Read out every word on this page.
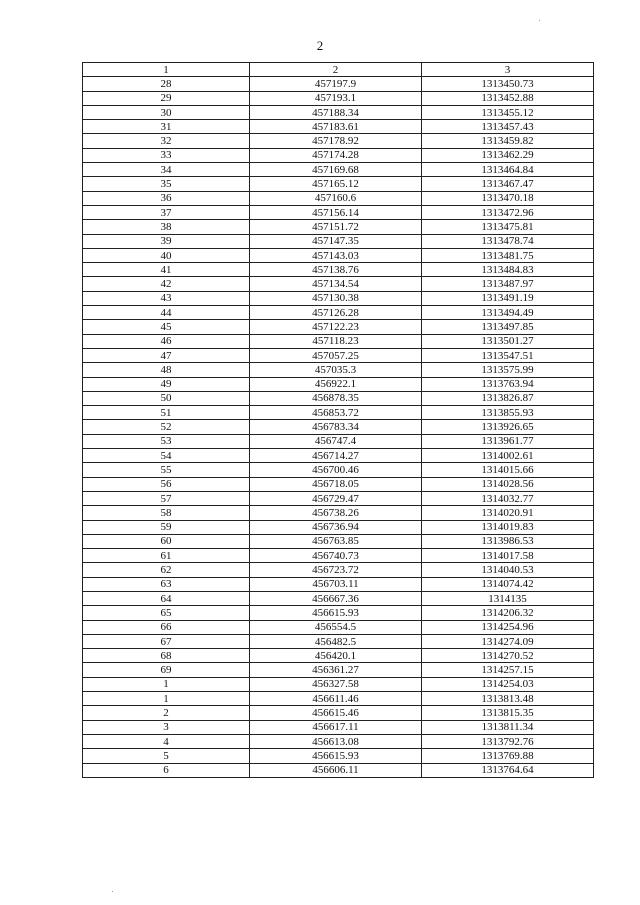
2
1	2	3
28	457197.9	1313450.73
29	457193.1	1313452.88
30	457188.34	1313455.12
31	457183.61	1313457.43
32	457178.92	1313459.82
33	457174.28	1313462.29
34	457169.68	1313464.84
35	457165.12	1313467.47
36	457160.6	1313470.18
37	457156.14	1313472.96
38	457151.72	1313475.81
39	457147.35	1313478.74
40	457143.03	1313481.75
41	457138.76	1313484.83
42	457134.54	1313487.97
43	457130.38	1313491.19
44	457126.28	1313494.49
45	457122.23	1313497.85
46	457118.23	1313501.27
47	457057.25	1313547.51
48	457035.3	1313575.99
49	456922.1	1313763.94
50	456878.35	1313826.87
51	456853.72	1313855.93
52	456783.34	1313926.65
53	456747.4	1313961.77
54	456714.27	1314002.61
55	456700.46	1314015.66
56	456718.05	1314028.56
57	456729.47	1314032.77
58	456738.26	1314020.91
59	456736.94	1314019.83
60	456763.85	1313986.53
61	456740.73	1314017.58
62	456723.72	1314040.53
63	456703.11	1314074.42
64	456667.36	1314135
65	456615.93	1314206.32
66	456554.5	1314254.96
67	456482.5	1314274.09
68	456420.1	1314270.52
69	456361.27	1314257.15
1	456327.58	1314254.03
1	456611.46	1313813.48
2	456615.46	1313815.35
3	456617.11	1313811.34
4	456613.08	1313792.76
5	456615.93	1313769.88
6	456606.11	1313764.64
